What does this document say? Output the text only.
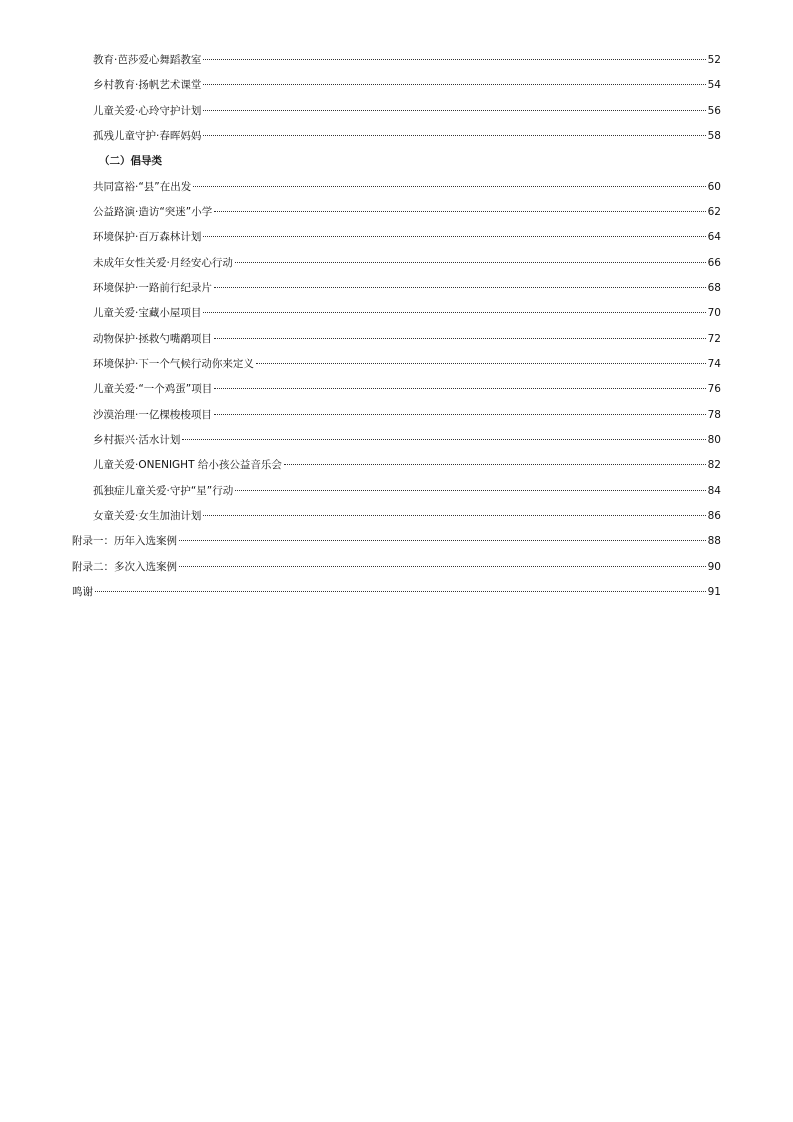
教育·芭莎爱心舞蹈教室	52
乡村教育·扬帆艺术课堂	54
儿童关爱·心玲守护计划	56
孤残儿童守护·春晖妈妈	58
（二）倡导类
共同富裕·“县”在出发	60
公益路演·造访“突迷”小学	62
环境保护·百万森林计划	64
未成年女性关爱·月经安心行动	66
环境保护·一路前行纪录片	68
儿童关爱·宝藏小屋项目	70
动物保护·拯救勺嘴鹬项目	72
环境保护·下一个气候行动你来定义	74
儿童关爱·“一个鸡蛋”项目	76
沙漠治理·一亿棵梭梭项目	78
乡村振兴·活水计划	80
儿童关爱·ONENIGHT 给小孩公益音乐会	82
孤独症儿童关爱·守护“星”行动	84
女童关爱·女生加油计划	86
附录一：历年入选案例	88
附录二：多次入选案例	90
鸣谢	91
